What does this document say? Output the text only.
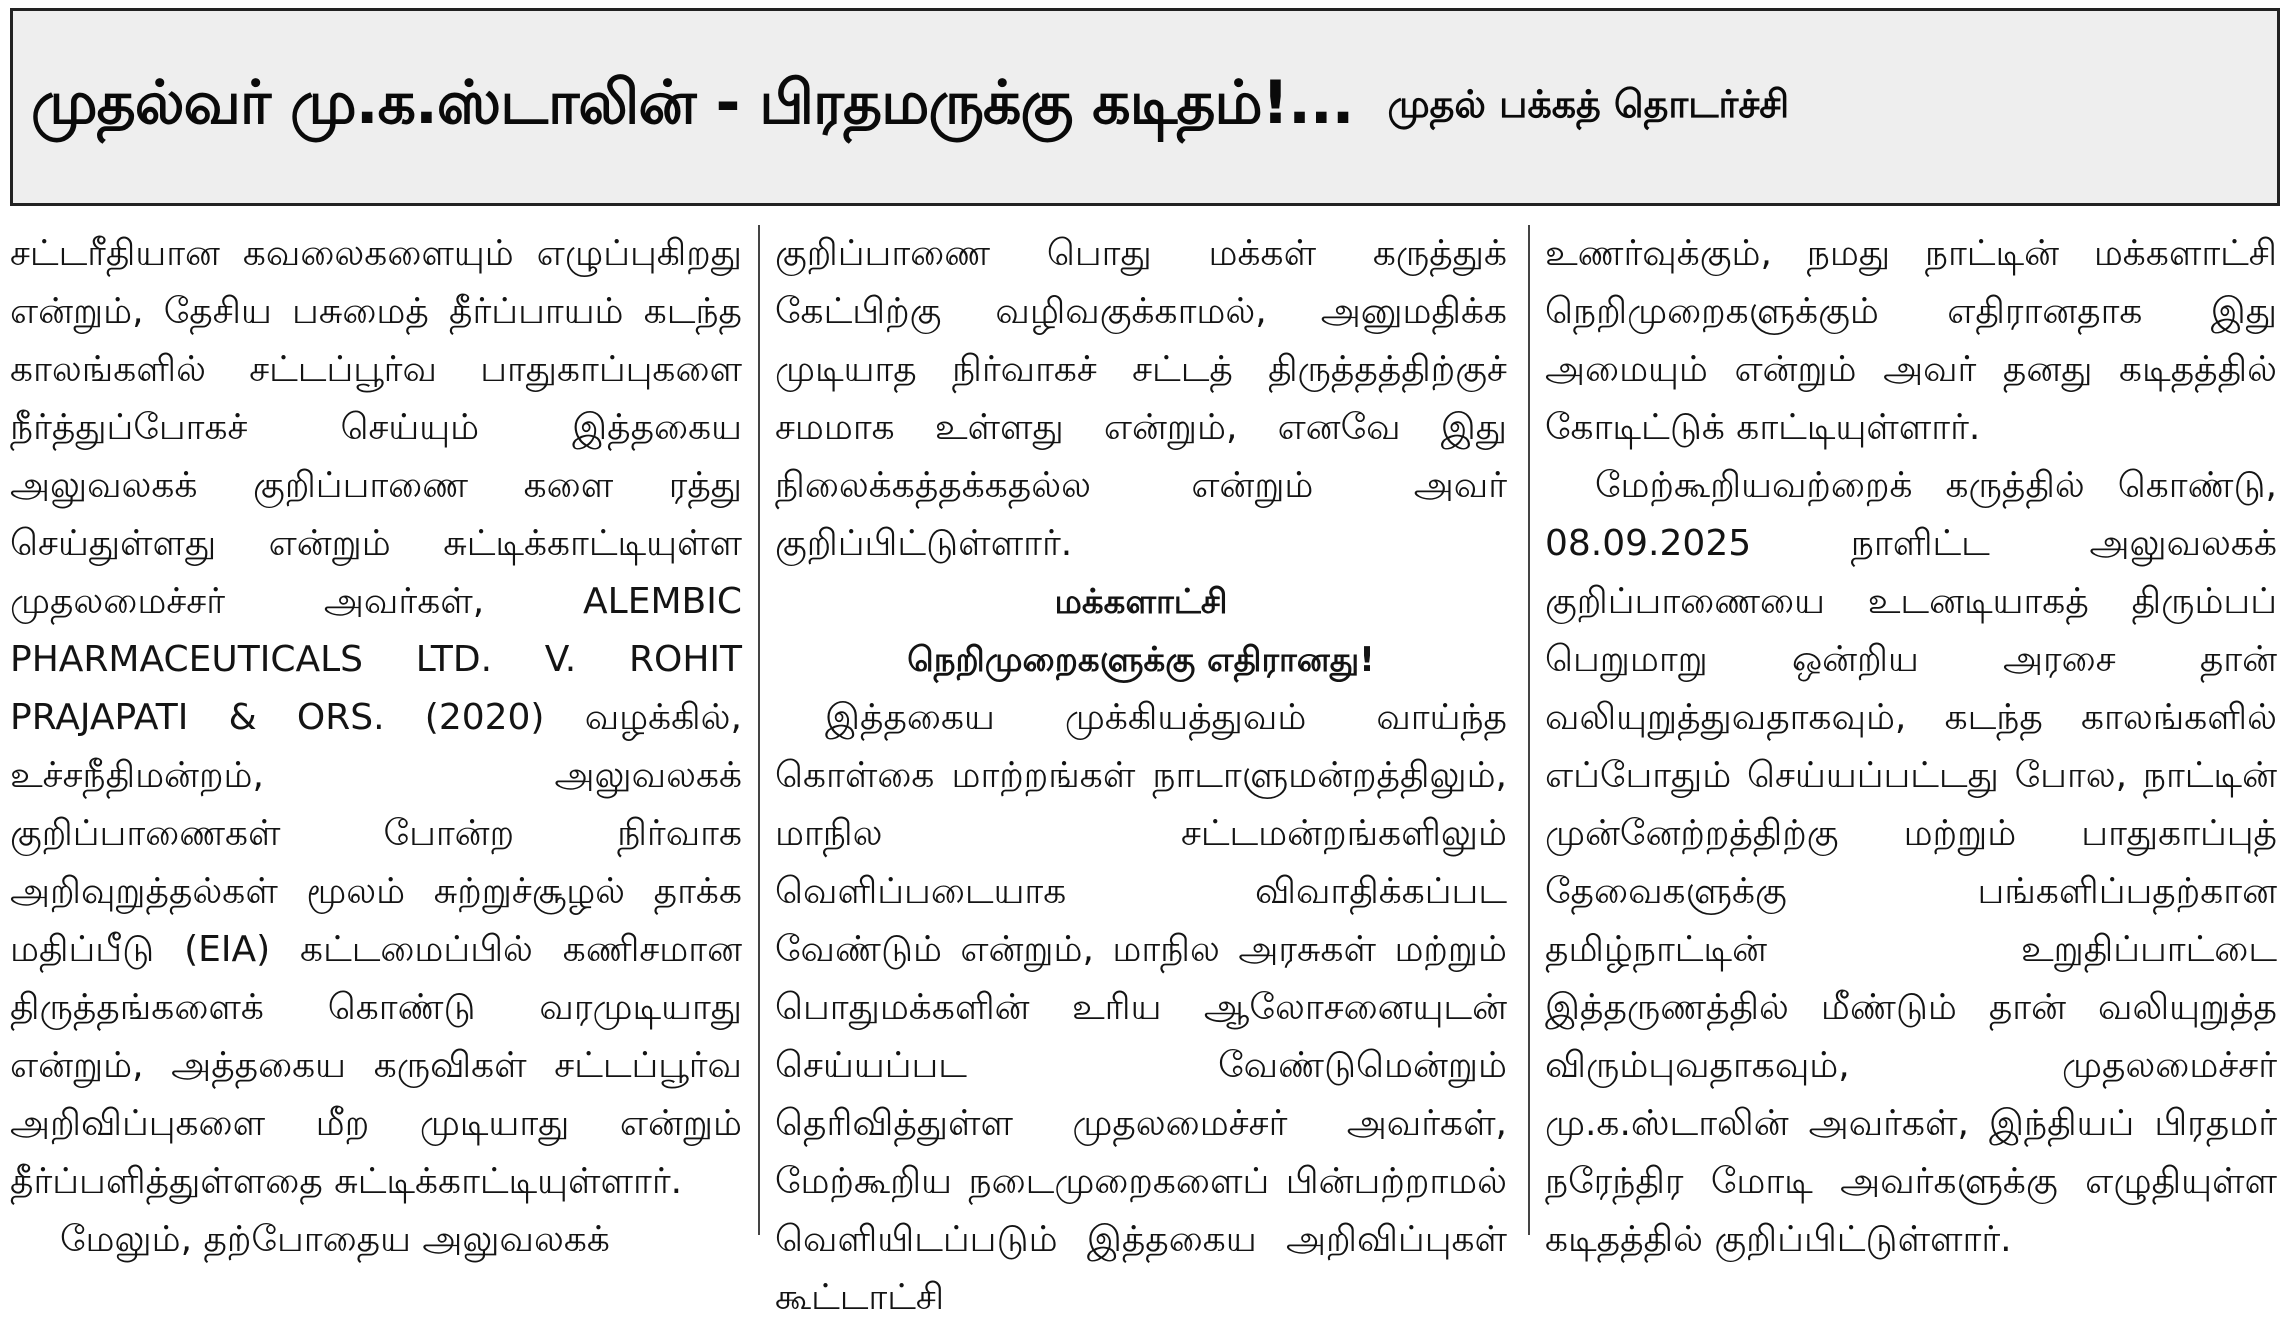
முதல்வர் மு.க.ஸ்டாலின் - பிரதமருக்கு கடிதம்!... முதல் பக்கத் தொடர்ச்சி

சட்டரீதியான கவலைகளையும் எழுப்புகிறது என்றும், தேசிய பசுமைத் தீர்ப்பாயம் கடந்த காலங்களில் சட்டப்பூர்வ பாதுகாப்புகளை நீர்த்துப்போகச் செய்யும் இத்தகைய அலுவலகக் குறிப்பாணை களை ரத்து செய்துள்ளது என்றும் சுட்டிக்காட்டியுள்ள முதலமைச்சர் அவர்கள், ALEMBIC PHARMACEUTICALS LTD. V. ROHIT PRAJAPATI & ORS. (2020) வழக்கில், உச்சநீதிமன்றம், அலுவலகக் குறிப்பாணைகள் போன்ற நிர்வாக அறிவுறுத்தல்கள் மூலம் சுற்றுச்சூழல் தாக்க மதிப்பீடு (EIA) கட்டமைப்பில் கணிசமான திருத்தங்களைக் கொண்டு வரமுடியாது என்றும், அத்தகைய கருவிகள் சட்டப்பூர்வ அறிவிப்புகளை மீற முடியாது என்றும் தீர்ப்பளித்துள்ளதை சுட்டிக்காட்டியுள்ளார்.

மேலும், தற்போதைய அலுவலகக்

குறிப்பாணை பொது மக்கள் கருத்துக் கேட்பிற்கு வழிவகுக்காமல், அனுமதிக்க முடியாத நிர்வாகச் சட்டத் திருத்தத்திற்குச் சமமாக உள்ளது என்றும், எனவே இது நிலைக்கத்தக்கதல்ல என்றும் அவர் குறிப்பிட்டுள்ளார்.

மக்களாட்சி

நெறிமுறைகளுக்கு எதிரானது!

இத்தகைய முக்கியத்துவம் வாய்ந்த கொள்கை மாற்றங்கள் நாடாளுமன்றத்திலும், மாநில சட்டமன்றங்களிலும் வெளிப்படையாக விவாதிக்கப்பட வேண்டும் என்றும், மாநில அரசுகள் மற்றும் பொதுமக்களின் உரிய ஆலோசனையுடன் செய்யப்பட வேண்டுமென்றும் தெரிவித்துள்ள முதலமைச்சர் அவர்கள், மேற்கூறிய நடைமுறைகளைப் பின்பற்றாமல் வெளியிடப்படும் இத்தகைய அறிவிப்புகள் கூட்டாட்சி

உணர்வுக்கும், நமது நாட்டின் மக்களாட்சி நெறிமுறைகளுக்கும் எதிரானதாக இது அமையும் என்றும் அவர் தனது கடிதத்தில் கோடிட்டுக் காட்டியுள்ளார்.

மேற்கூறியவற்றைக் கருத்தில் கொண்டு, 08.09.2025 நாளிட்ட அலுவலகக் குறிப்பாணையை உடனடியாகத் திரும்பப் பெறுமாறு ஒன்றிய அரசை தான் வலியுறுத்துவதாகவும், கடந்த காலங்களில் எப்போதும் செய்யப்பட்டது போல, நாட்டின் முன்னேற்றத்திற்கு மற்றும் பாதுகாப்புத் தேவைகளுக்கு பங்களிப்பதற்கான தமிழ்நாட்டின் உறுதிப்பாட்டை இத்தருணத்தில் மீண்டும் தான் வலியுறுத்த விரும்புவதாகவும், முதலமைச்சர் மு.க.ஸ்டாலின் அவர்கள், இந்தியப் பிரதமர் நரேந்திர மோடி அவர்களுக்கு எழுதியுள்ள கடிதத்தில் குறிப்பிட்டுள்ளார்.
